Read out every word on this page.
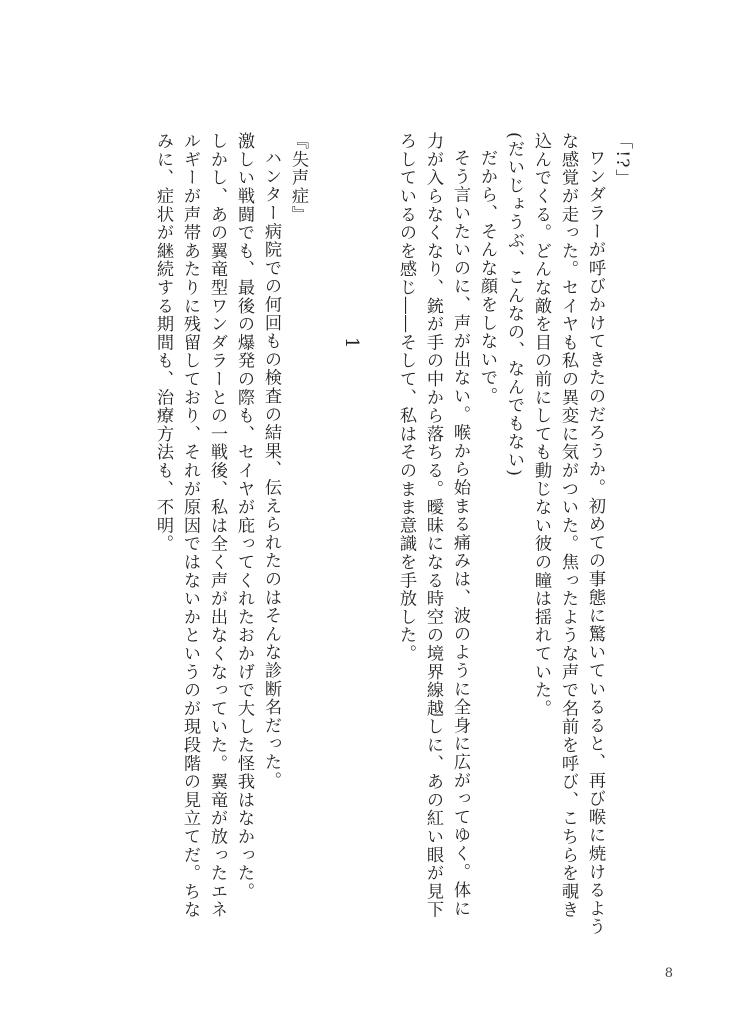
「!?」
ワンダラーが呼びかけてきたのだろうか。初めての事態に驚いているると、再び喉に焼けるよう
な感覚が走った。セイヤも私の異変に気がついた。焦ったような声で名前を呼び、こちらを覗き
込んでくる。どんな敵を目の前にしても動じない彼の瞳は揺れていた。
(だいじょうぶ、こんなの、なんでもない)
だから、そんな顔をしないで。
そう言いたいのに、声が出ない。喉から始まる痛みは、波のように全身に広がってゆく。体に
力が入らなくなり、銃が手の中から落ちる。曖昧になる時空の境界線越しに、あの紅い眼が見下
ろしているのを感じ――そして、私はそのまま意識を手放した。

1

『失声症』
ハンター病院での何回もの検査の結果、伝えられたのはそんな診断名だった。
激しい戦闘でも、最後の爆発の際も、セイヤが庇ってくれたおかげで大した怪我はなかった。
しかし、あの翼竜型ワンダラーとの一戦後、私は全く声が出なくなっていた。翼竜が放ったエネ
ルギーが声帯あたりに残留しており、それが原因ではないかというのが現段階の見立てだ。ちな
みに、症状が継続する期間も、治療方法も、不明。
8
